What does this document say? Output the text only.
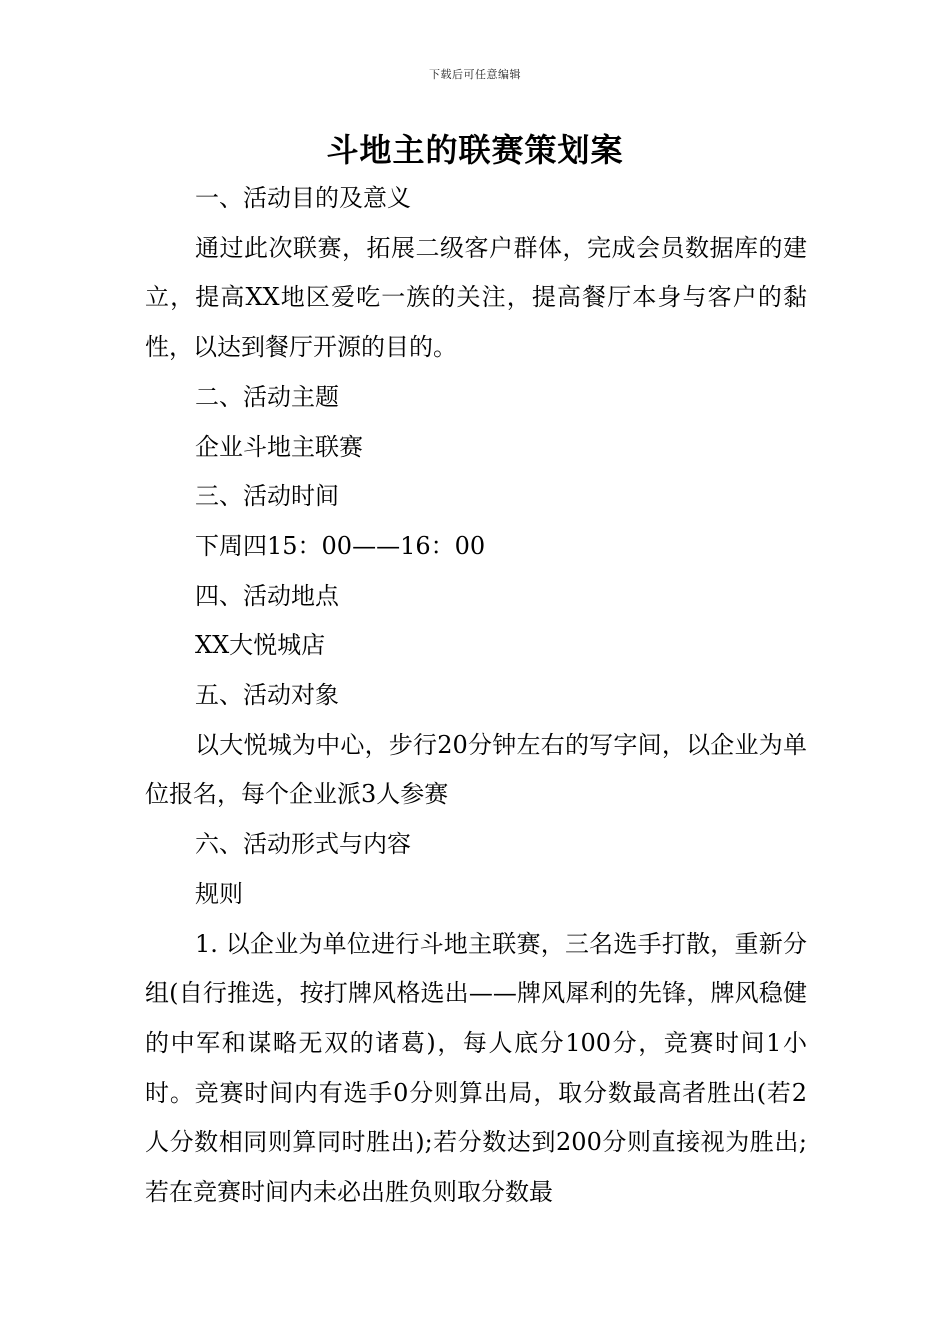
下载后可任意编辑
斗地主的联赛策划案

一、活动目的及意义

通过此次联赛，拓展二级客户群体，完成会员数据库的建立，提高XX地区爱吃一族的关注，提高餐厅本身与客户的黏性，以达到餐厅开源的目的。

二、活动主题

企业斗地主联赛

三、活动时间

下周四15：00——16：00

四、活动地点

XX大悦城店

五、活动对象

以大悦城为中心，步行20分钟左右的写字间，以企业为单位报名，每个企业派3人参赛

六、活动形式与内容

规则

1. 以企业为单位进行斗地主联赛，三名选手打散，重新分组(自行推选，按打牌风格选出——牌风犀利的先锋，牌风稳健的中军和谋略无双的诸葛)，每人底分100分，竞赛时间1小时。竞赛时间内有选手0分则算出局，取分数最高者胜出(若2人分数相同则算同时胜出);若分数达到200分则直接视为胜出;若在竞赛时间内未必出胜负则取分数最
